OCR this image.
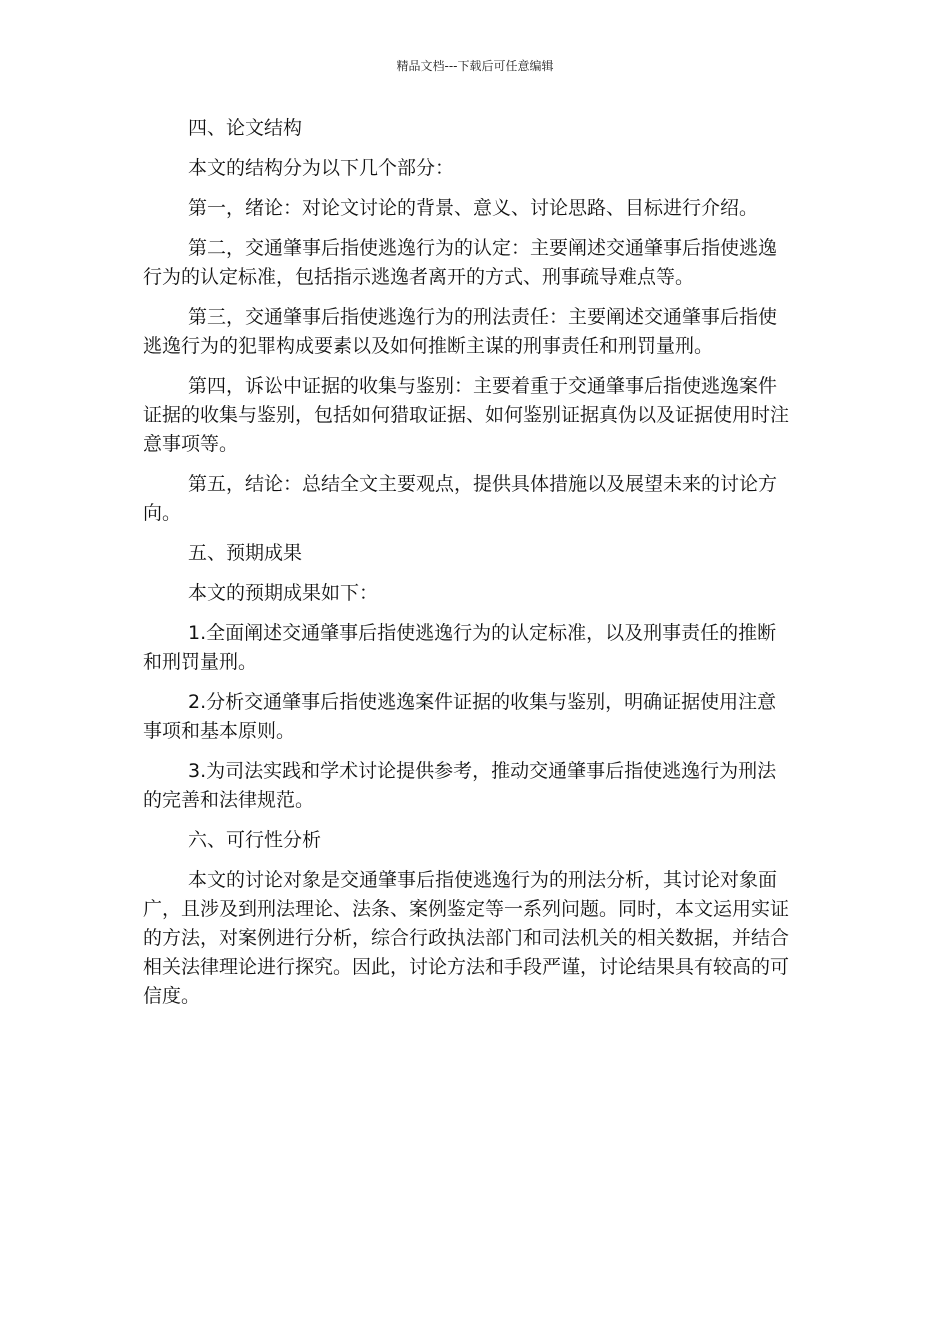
精品文档---下载后可任意编辑

四、论文结构

本文的结构分为以下几个部分：

第一，绪论：对论文讨论的背景、意义、讨论思路、目标进行介绍。

第二，交通肇事后指使逃逸行为的认定：主要阐述交通肇事后指使逃逸行为的认定标准，包括指示逃逸者离开的方式、刑事疏导难点等。

第三，交通肇事后指使逃逸行为的刑法责任：主要阐述交通肇事后指使逃逸行为的犯罪构成要素以及如何推断主谋的刑事责任和刑罚量刑。

第四，诉讼中证据的收集与鉴别：主要着重于交通肇事后指使逃逸案件证据的收集与鉴别，包括如何猎取证据、如何鉴别证据真伪以及证据使用时注意事项等。

第五，结论：总结全文主要观点，提供具体措施以及展望未来的讨论方向。

五、预期成果

本文的预期成果如下：

1.全面阐述交通肇事后指使逃逸行为的认定标准，以及刑事责任的推断和刑罚量刑。

2.分析交通肇事后指使逃逸案件证据的收集与鉴别，明确证据使用注意事项和基本原则。

3.为司法实践和学术讨论提供参考，推动交通肇事后指使逃逸行为刑法的完善和法律规范。

六、可行性分析

本文的讨论对象是交通肇事后指使逃逸行为的刑法分析，其讨论对象面广，且涉及到刑法理论、法条、案例鉴定等一系列问题。同时，本文运用实证的方法，对案例进行分析，综合行政执法部门和司法机关的相关数据，并结合相关法律理论进行探究。因此，讨论方法和手段严谨，讨论结果具有较高的可信度。
